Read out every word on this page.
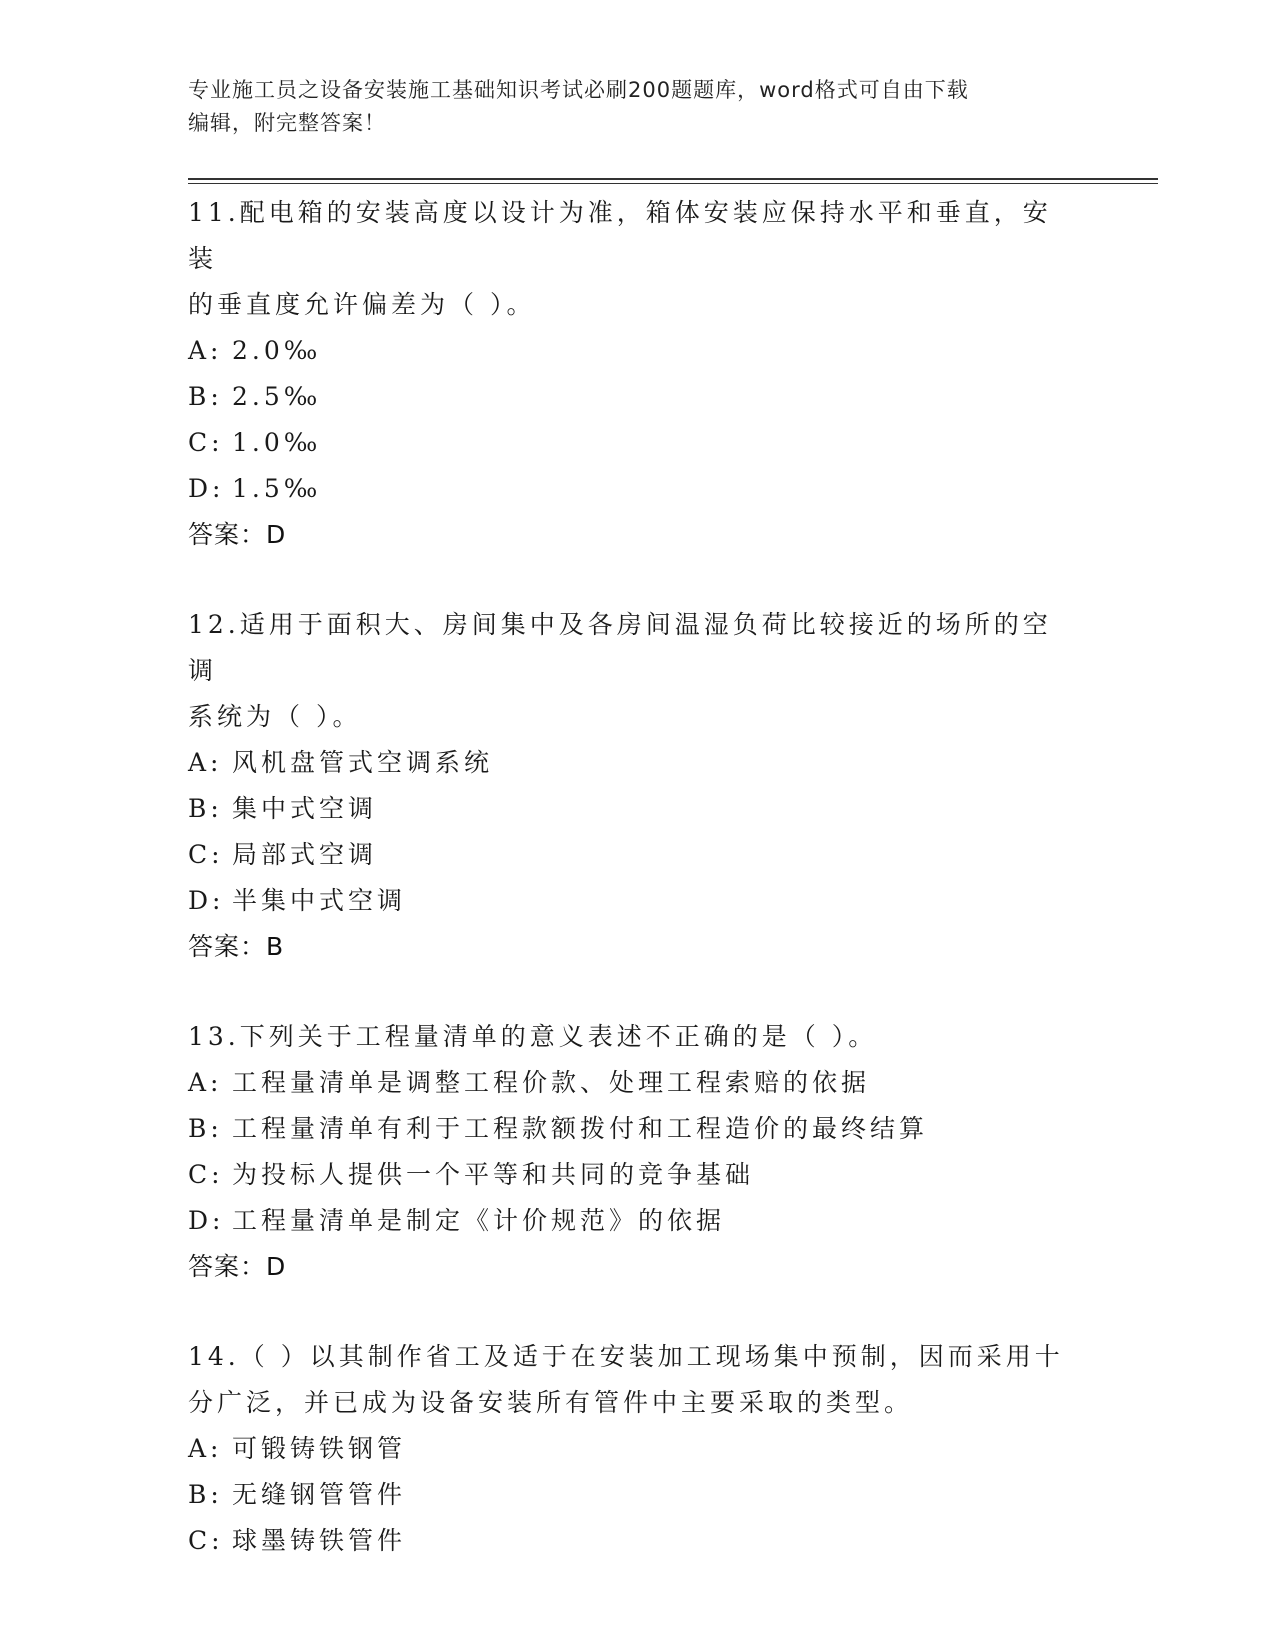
专业施工员之设备安装施工基础知识考试必刷200题题库，word格式可自由下载
编辑，附完整答案！

11.配电箱的安装高度以设计为准，箱体安装应保持水平和垂直，安装

的垂直度允许偏差为（ ）。

A: 2.0‰

B: 2.5‰

C: 1.0‰

D: 1.5‰

答案：D

12.适用于面积大、房间集中及各房间温湿负荷比较接近的场所的空调

系统为（ ）。

A: 风机盘管式空调系统

B: 集中式空调

C: 局部式空调

D: 半集中式空调

答案：B

13.下列关于工程量清单的意义表述不正确的是（ ）。

A: 工程量清单是调整工程价款、处理工程索赔的依据

B: 工程量清单有利于工程款额拨付和工程造价的最终结算

C: 为投标人提供一个平等和共同的竞争基础

D: 工程量清单是制定《计价规范》的依据

答案：D

14.（ ）以其制作省工及适于在安装加工现场集中预制，因而采用十

分广泛，并已成为设备安装所有管件中主要采取的类型。

A: 可锻铸铁钢管

B: 无缝钢管管件

C: 球墨铸铁管件
